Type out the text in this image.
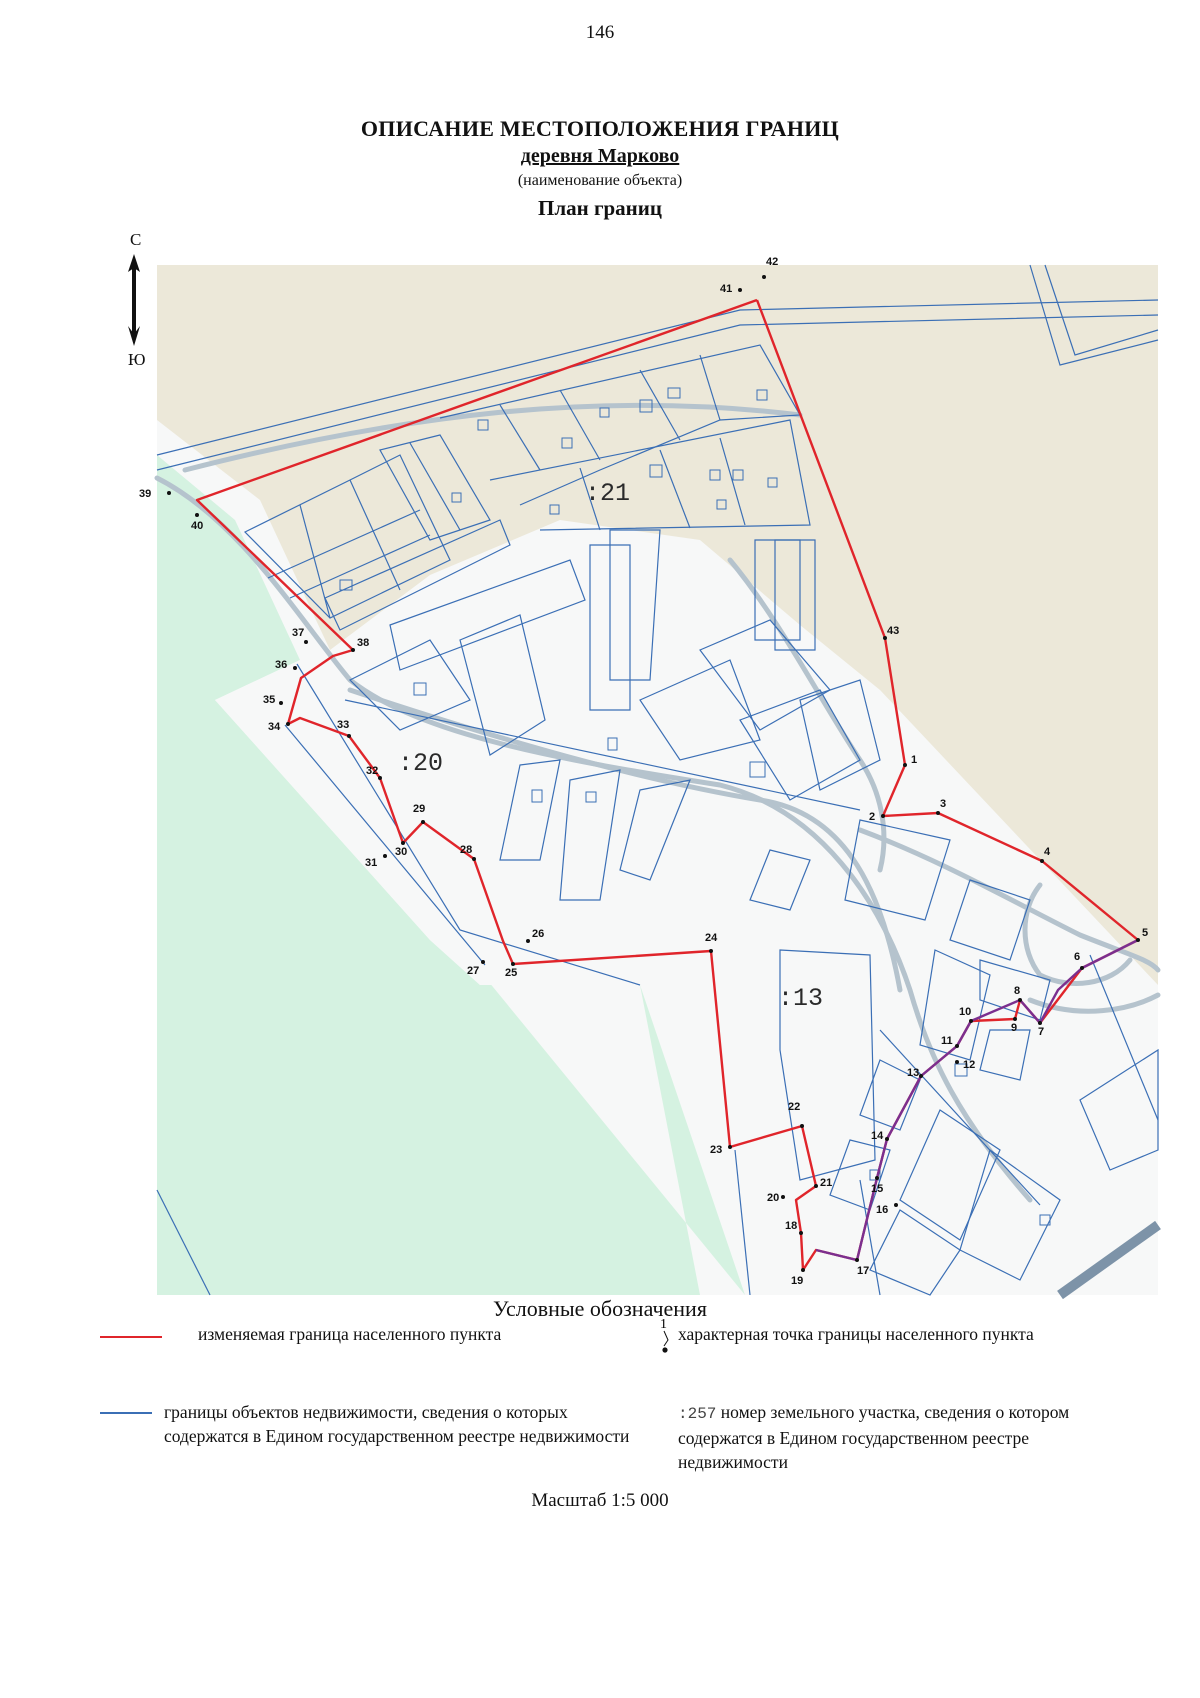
146
ОПИСАНИЕ МЕСТОПОЛОЖЕНИЯ ГРАНИЦ
деревня Марково
(наименование объекта)
План границ
С
Ю
:21
:20
:13
1
2
3
4
5
6
7
8
9
10
11
12
13
14
15
16
17
18
19
20
21
22
23
24
25
26
27
28
29
30
31
32
33
34
35
36
37
38
39
40
41
42
43
Условные обозначения
изменяемая граница населенного пункта	1 характерная точка границы населенного пункта
границы объектов недвижимости, сведения о которых содержатся в Едином государственном реестре недвижимости
:257 номер земельного участка, сведения о котором содержатся в Едином государственном реестре недвижимости
Масштаб 1:5 000
